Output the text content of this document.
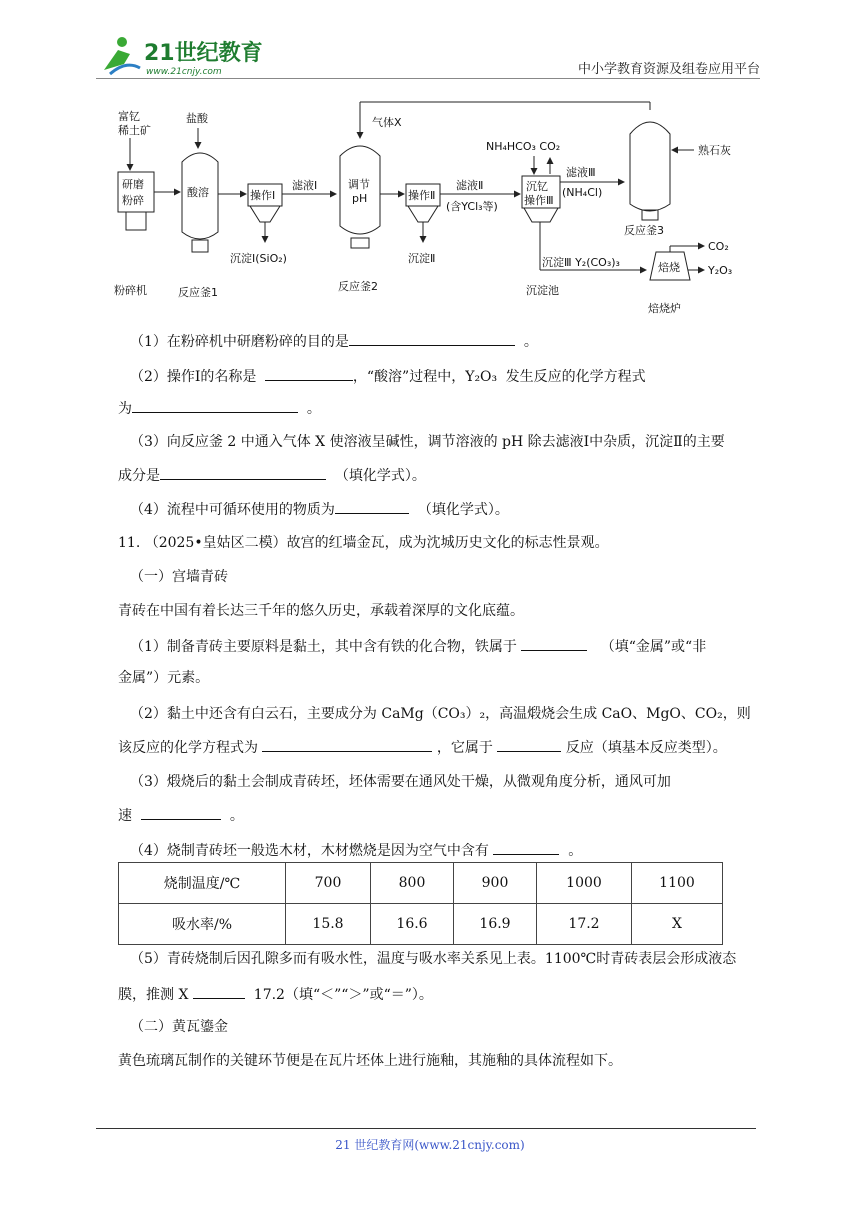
21世纪教育
www.21cnjy.com	中小学教育资源及组卷应用平台
富钇
稀土矿
研磨
粉碎
粉碎机
盐酸
酸溶
反应釜1
操作Ⅰ
沉淀Ⅰ(SiO₂)
滤液Ⅰ
气体X
调节
pH
反应釜2
操作Ⅱ
沉淀Ⅱ
滤液Ⅱ
(含YCl₃等)
NH₄HCO₃ CO₂
沉钇
操作Ⅲ
沉淀池
滤液Ⅲ
(NH₄Cl)
熟石灰
反应釜3
沉淀Ⅲ Y₂(CO₃)₃	焙烧
焙烧炉
CO₂
Y₂O₃
（1）在粉碎机中研磨粉碎的目的是	。
（2）操作Ⅰ的名称是	，“酸溶”过程中，Y₂O₃ 发生反应的化学方程式
为	。
（3）向反应釜 2 中通入气体 X 使溶液呈碱性，调节溶液的 pH 除去滤液Ⅰ中杂质，沉淀Ⅱ的主要
成分是	（填化学式）。
（4）流程中可循环使用的物质为	（填化学式）。
11. （2025•皇姑区二模）故宫的红墙金瓦，成为沈城历史文化的标志性景观。
（一）宫墙青砖
青砖在中国有着长达三千年的悠久历史，承载着深厚的文化底蕴。
（1）制备青砖主要原料是黏土，其中含有铁的化合物，铁属于	（填“金属”或“非
金属”）元素。
（2）黏土中还含有白云石，主要成分为 CaMg（CO₃）₂，高温煅烧会生成 CaO、MgO、CO₂，则
该反应的化学方程式为	，它属于	反应（填基本反应类型）。
（3）煅烧后的黏土会制成青砖坯，坯体需要在通风处干燥，从微观角度分析，通风可加
速	。
（4）烧制青砖坯一般选木材，木材燃烧是因为空气中含有	。
烧制温度/℃	700	800	900	1000	1100
吸水率/%	15.8	16.6	16.9	17.2	X
（5）青砖烧制后因孔隙多而有吸水性，温度与吸水率关系见上表。1100℃时青砖表层会形成液态
膜，推测 X	17.2（填“＜”“＞”或“＝”）。
（二）黄瓦鎏金
黄色琉璃瓦制作的关键环节便是在瓦片坯体上进行施釉，其施釉的具体流程如下。
21 世纪教育网(www.21cnjy.com)
